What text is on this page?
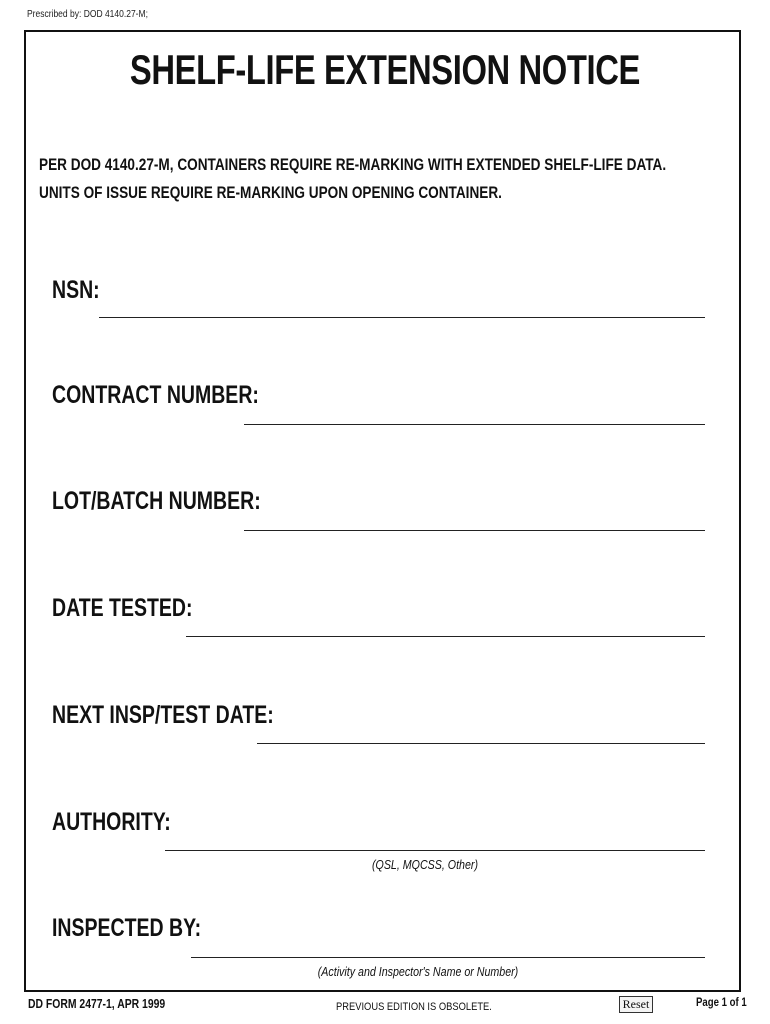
Prescribed by: DOD 4140.27-M;
SHELF-LIFE EXTENSION NOTICE
PER DOD 4140.27-M, CONTAINERS REQUIRE RE-MARKING WITH EXTENDED SHELF-LIFE DATA.
UNITS OF ISSUE REQUIRE RE-MARKING UPON OPENING CONTAINER.
NSN:
CONTRACT NUMBER:
LOT/BATCH NUMBER:
DATE TESTED:
NEXT INSP/TEST DATE:
AUTHORITY:
(QSL, MQCSS, Other)
INSPECTED BY:
(Activity and Inspector's Name or Number)
DD FORM 2477-1, APR 1999	PREVIOUS EDITION IS OBSOLETE.	Reset	Page 1 of 1
